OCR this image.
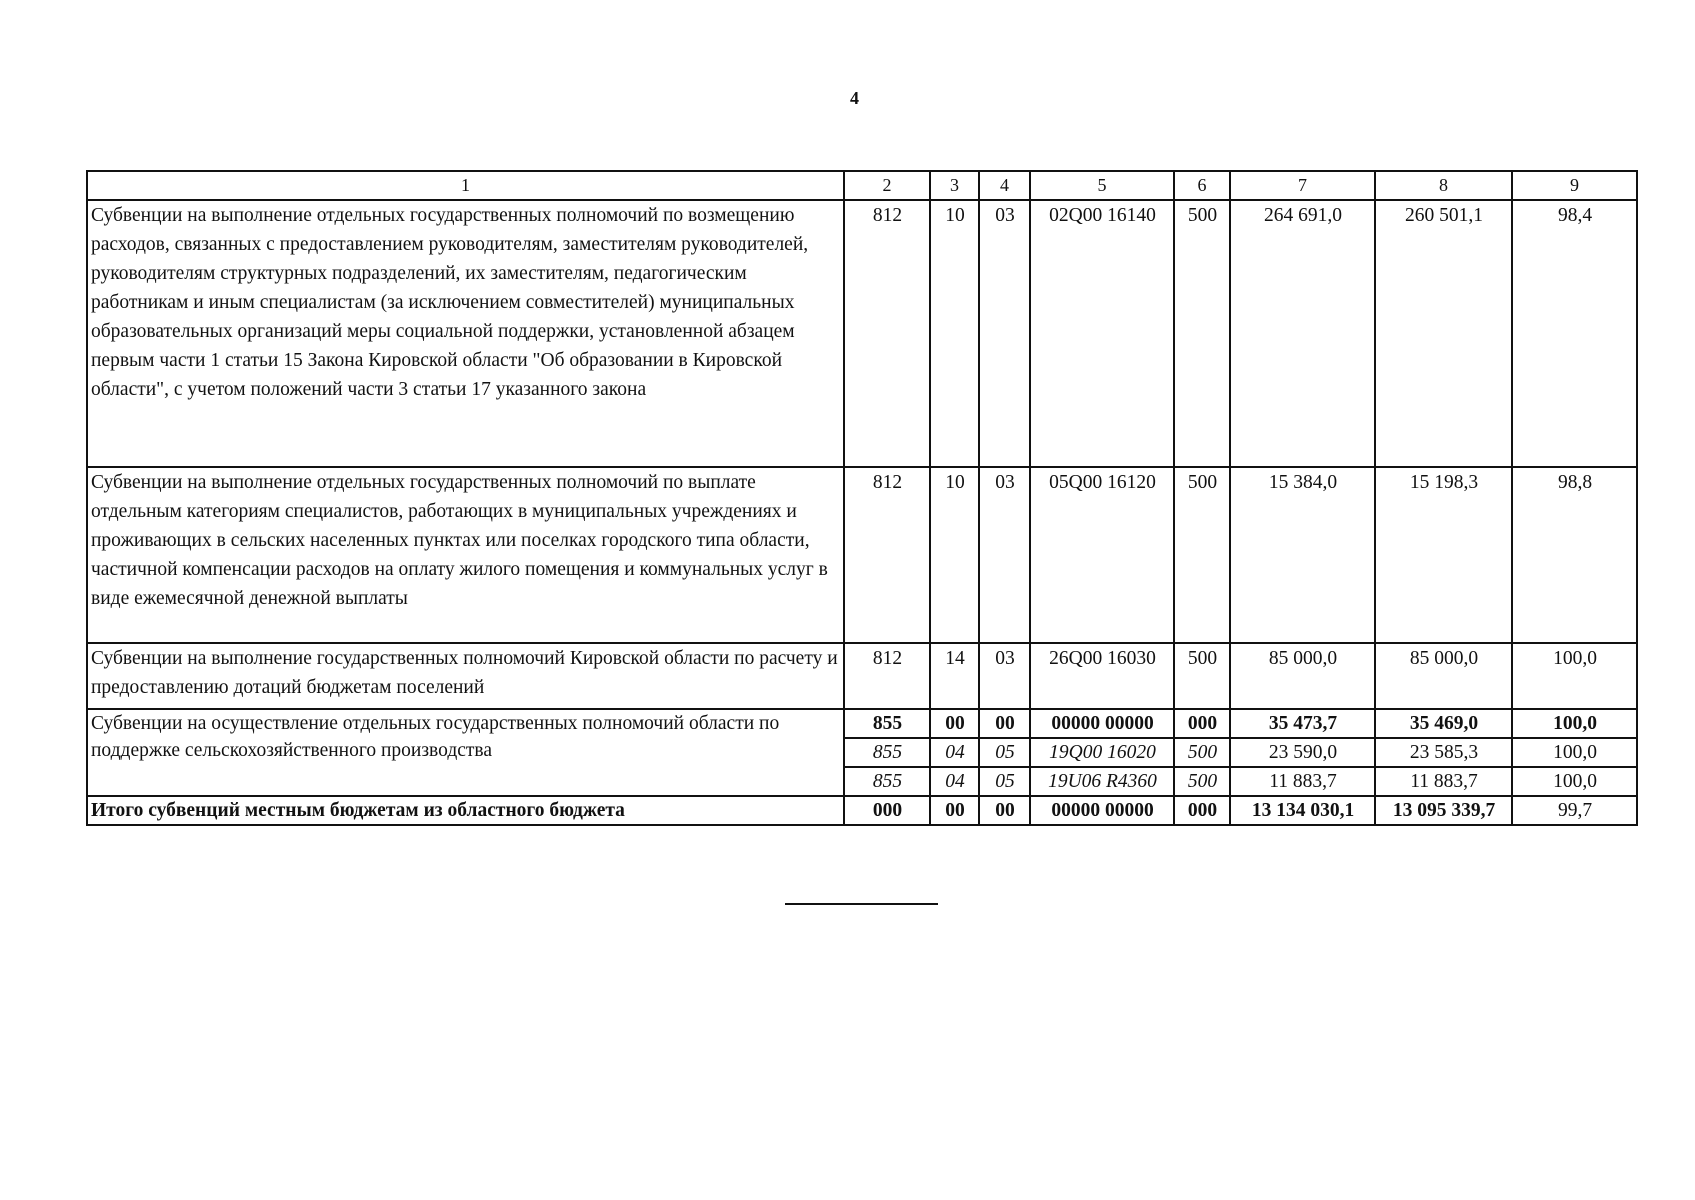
4
1	2	3	4	5	6	7	8	9
Субвенции на выполнение отдельных государственных полномочий по возмещению расходов, связанных с предоставлением руководителям, заместителям руководителей, руководителям структурных подразделений, их заместителям, педагогическим работникам и иным специалистам (за исключением совместителей) муниципальных образовательных организаций меры социальной поддержки, установленной абзацем первым части 1 статьи 15 Закона Кировской области "Об образовании в Кировской области", с учетом положений части 3 статьи 17 указанного закона	812	10	03	02Q00 16140	500	264 691,0	260 501,1	98,4
Субвенции на выполнение отдельных государственных полномочий по выплате отдельным категориям специалистов, работающих в муниципальных учреждениях и проживающих в сельских населенных пунктах или поселках городского типа области, частичной компенсации расходов на оплату жилого помещения и коммунальных услуг в виде ежемесячной денежной выплаты	812	10	03	05Q00 16120	500	15 384,0	15 198,3	98,8
Субвенции на выполнение государственных полномочий Кировской области по расчету и предоставлению дотаций бюджетам поселений	812	14	03	26Q00 16030	500	85 000,0	85 000,0	100,0
Субвенции на осуществление отдельных государственных полномочий области по поддержке сельскохозяйственного производства	855	00	00	00000 00000	000	35 473,7	35 469,0	100,0
	855	04	05	19Q00 16020	500	23 590,0	23 585,3	100,0
	855	04	05	19U06 R4360	500	11 883,7	11 883,7	100,0
Итого субвенций местным бюджетам из областного бюджета	000	00	00	00000 00000	000	13 134 030,1	13 095 339,7	99,7
